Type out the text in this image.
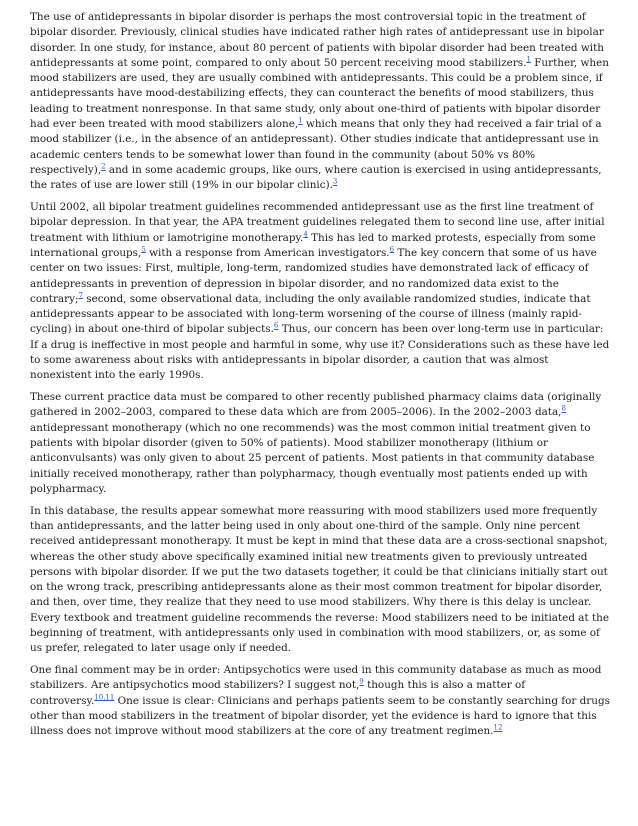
The use of antidepressants in bipolar disorder is perhaps the most controversial topic in the treatment of bipolar disorder. Previously, clinical studies have indicated rather high rates of antidepressant use in bipolar disorder. In one study, for instance, about 80 percent of patients with bipolar disorder had been treated with antidepressants at some point, compared to only about 50 percent receiving mood stabilizers.$^1$ Further, when mood stabilizers are used, they are usually combined with antidepressants. This could be a problem since, if antidepressants have mood-destabilizing effects, they can counteract the benefits of mood stabilizers, thus leading to treatment nonresponse. In that same study, only about one-third of patients with bipolar disorder had ever been treated with mood stabilizers alone,$^1$ which means that only they had received a fair trial of a mood stabilizer (i.e., in the absence of an antidepressant). Other studies indicate that antidepressant use in academic centers tends to be somewhat lower than found in the community (about 50% vs 80% respectively),$^2$ and in some academic groups, like ours, where caution is exercised in using antidepressants, the rates of use are lower still (19% in our bipolar clinic).$^3$

Until 2002, all bipolar treatment guidelines recommended antidepressant use as the first line treatment of bipolar depression. In that year, the APA treatment guidelines relegated them to second line use, after initial treatment with lithium or lamotrigine monotherapy.$^4$ This has led to marked protests, especially from some international groups,$^5$ with a response from American investigators.$^6$ The key concern that some of us have center on two issues: First, multiple, long-term, randomized studies have demonstrated lack of efficacy of antidepressants in prevention of depression in bipolar disorder, and no randomized data exist to the contrary;$^7$ second, some observational data, including the only available randomized studies, indicate that antidepressants appear to be associated with long-term worsening of the course of illness (mainly rapid-cycling) in about one-third of bipolar subjects.$^6$ Thus, our concern has been over long-term use in particular: If a drug is ineffective in most people and harmful in some, why use it? Considerations such as these have led to some awareness about risks with antidepressants in bipolar disorder, a caution that was almost nonexistent into the early 1990s.

These current practice data must be compared to other recently published pharmacy claims data (originally gathered in 2002–2003, compared to these data which are from 2005–2006). In the 2002–2003 data,$^8$ antidepressant monotherapy (which no one recommends) was the most common initial treatment given to patients with bipolar disorder (given to 50% of patients). Mood stabilizer monotherapy (lithium or anticonvulsants) was only given to about 25 percent of patients. Most patients in that community database initially received monotherapy, rather than polypharmacy, though eventually most patients ended up with polypharmacy.

In this database, the results appear somewhat more reassuring with mood stabilizers used more frequently than antidepressants, and the latter being used in only about one-third of the sample. Only nine percent received antidepressant monotherapy. It must be kept in mind that these data are a cross-sectional snapshot, whereas the other study above specifically examined initial new treatments given to previously untreated persons with bipolar disorder. If we put the two datasets together, it could be that clinicians initially start out on the wrong track, prescribing antidepressants alone as their most common treatment for bipolar disorder, and then, over time, they realize that they need to use mood stabilizers. Why there is this delay is unclear. Every textbook and treatment guideline recommends the reverse: Mood stabilizers need to be initiated at the beginning of treatment, with antidepressants only used in combination with mood stabilizers, or, as some of us prefer, relegated to later usage only if needed.

One final comment may be in order: Antipsychotics were used in this community database as much as mood stabilizers. Are antipsychotics mood stabilizers? I suggest not,$^9$ though this is also a matter of controversy.$^{10,11}$ One issue is clear: Clinicians and perhaps patients seem to be constantly searching for drugs other than mood stabilizers in the treatment of bipolar disorder, yet the evidence is hard to ignore that this illness does not improve without mood stabilizers at the core of any treatment regimen.$^{12}$
